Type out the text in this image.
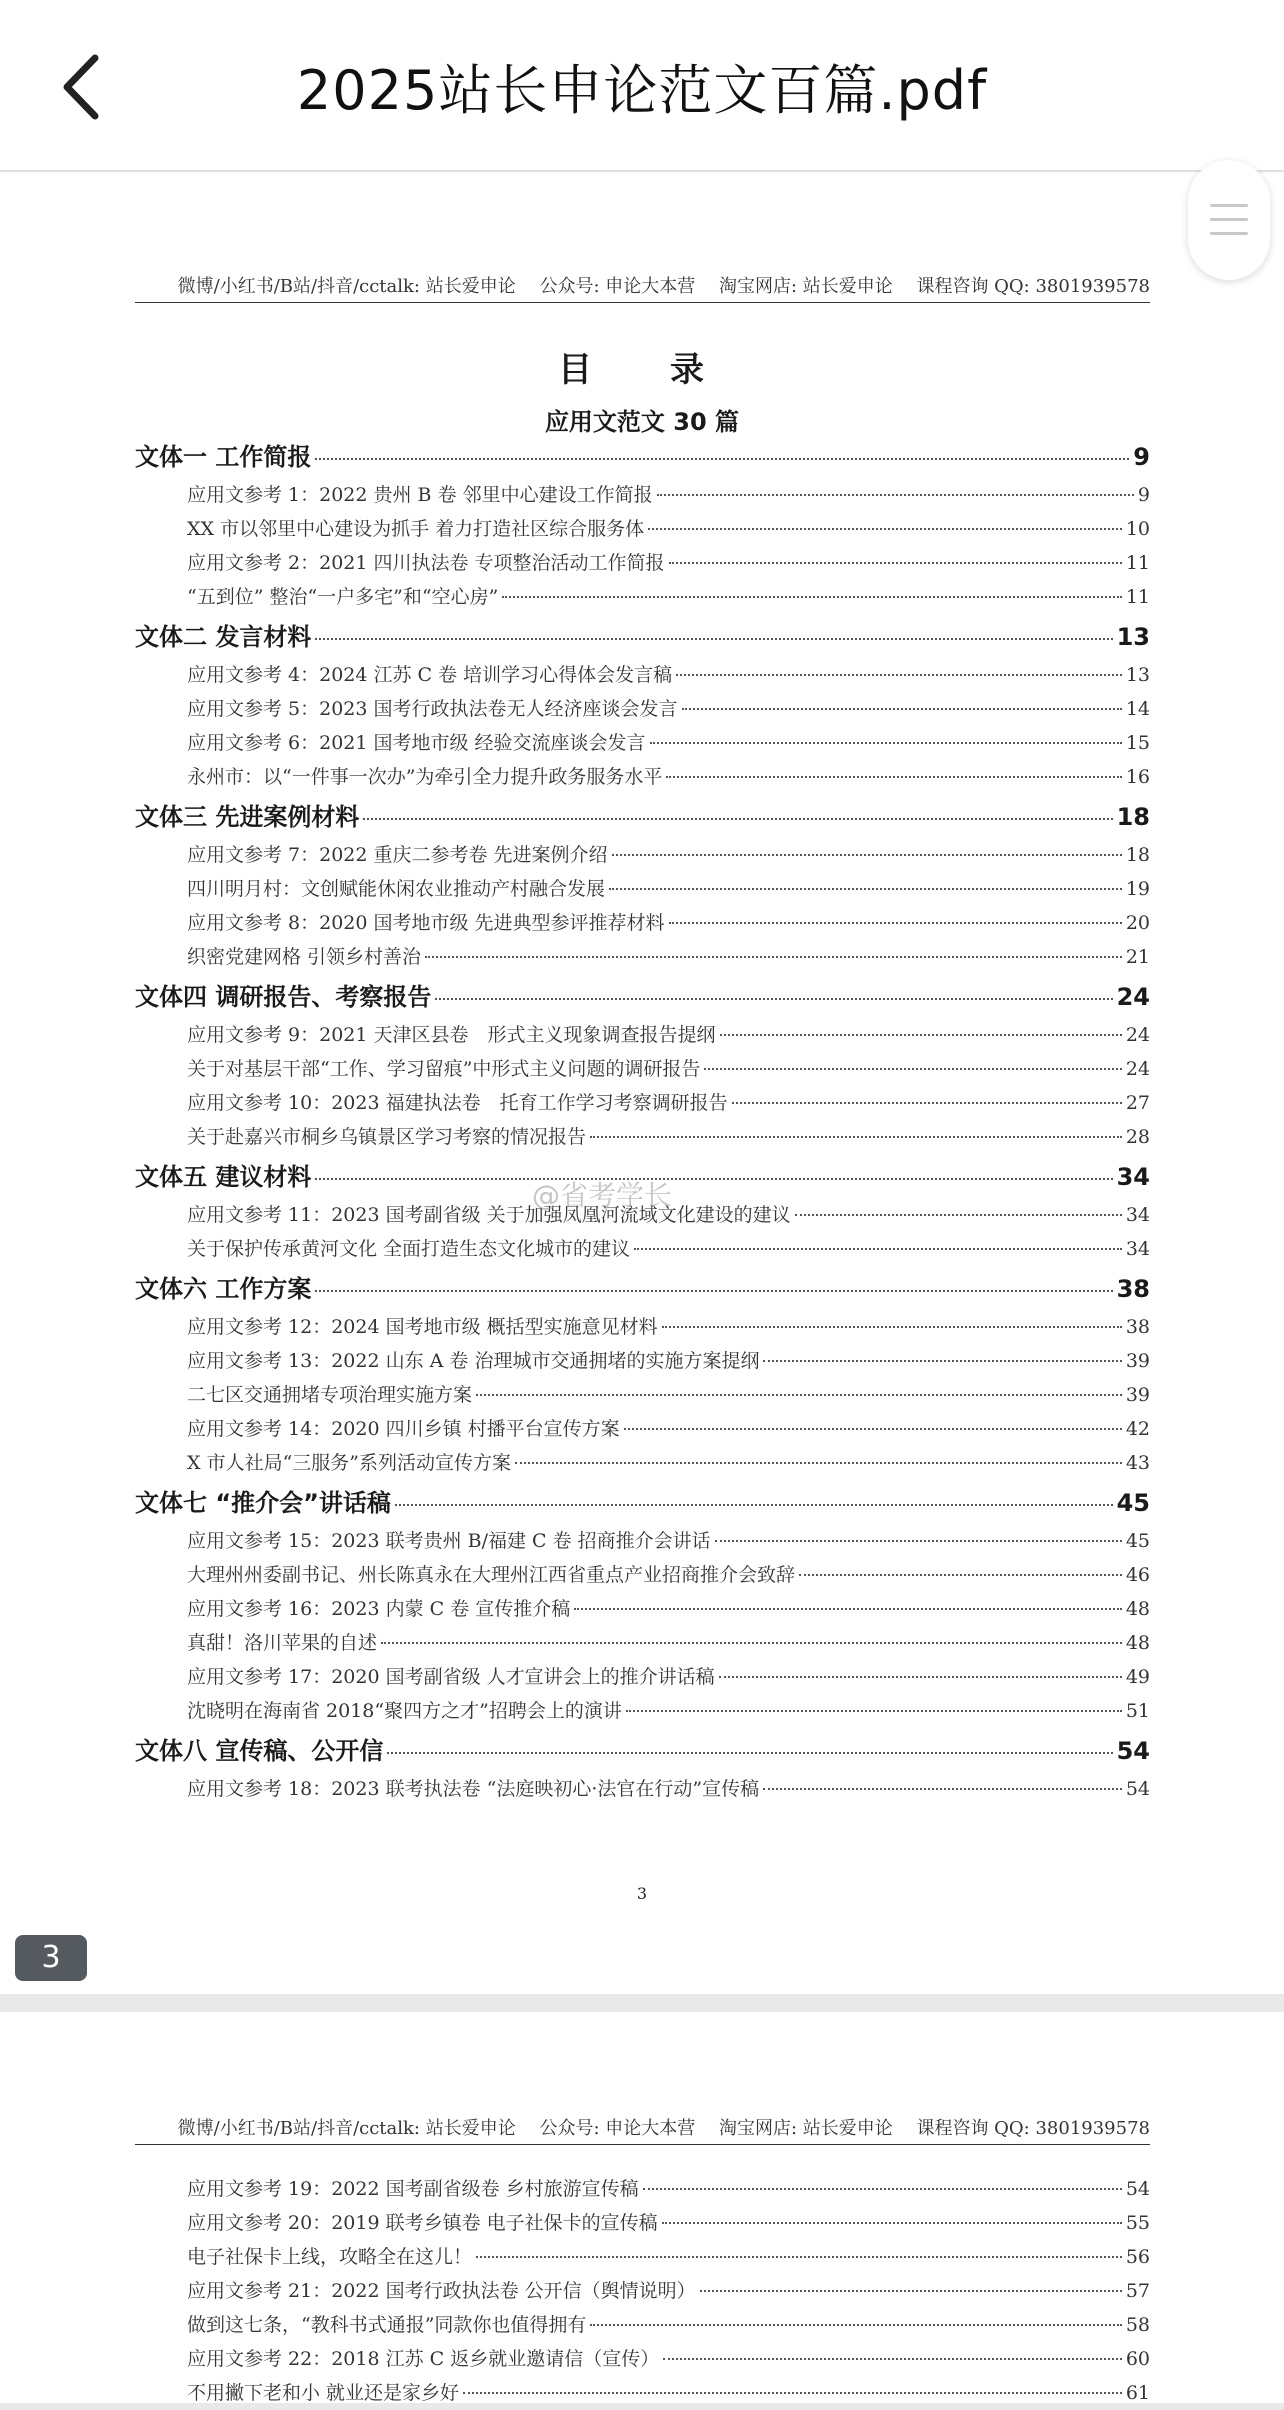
2025站长申论范文百篇.pdf
微博/小红书/B站/抖音/cctalk: 站长爱申论　 公众号: 申论大本营　 淘宝网店: 站长爱申论　 课程咨询 QQ: 3801939578
目　录
应用文范文 30 篇
文体一 工作简报	9
应用文参考 1：2022 贵州 B 卷 邻里中心建设工作简报	9
XX 市以邻里中心建设为抓手 着力打造社区综合服务体	10
应用文参考 2：2021 四川执法卷 专项整治活动工作简报	11
“五到位” 整治“一户多宅”和“空心房”	11
文体二 发言材料	13
应用文参考 4：2024 江苏 C 卷 培训学习心得体会发言稿	13
应用文参考 5：2023 国考行政执法卷无人经济座谈会发言	14
应用文参考 6：2021 国考地市级 经验交流座谈会发言	15
永州市：以“一件事一次办”为牵引全力提升政务服务水平	16
文体三 先进案例材料	18
应用文参考 7：2022 重庆二参考卷 先进案例介绍	18
四川明月村：文创赋能休闲农业推动产村融合发展	19
应用文参考 8：2020 国考地市级 先进典型参评推荐材料	20
织密党建网格 引领乡村善治	21
文体四 调研报告、考察报告	24
应用文参考 9：2021 天津区县卷　形式主义现象调查报告提纲	24
关于对基层干部“工作、学习留痕”中形式主义问题的调研报告	24
应用文参考 10：2023 福建执法卷　托育工作学习考察调研报告	27
关于赴嘉兴市桐乡乌镇景区学习考察的情况报告	28
文体五 建议材料	34
应用文参考 11：2023 国考副省级 关于加强凤凰河流域文化建设的建议	34
关于保护传承黄河文化 全面打造生态文化城市的建议	34
文体六 工作方案	38
应用文参考 12：2024 国考地市级 概括型实施意见材料	38
应用文参考 13：2022 山东 A 卷 治理城市交通拥堵的实施方案提纲	39
二七区交通拥堵专项治理实施方案	39
应用文参考 14：2020 四川乡镇 村播平台宣传方案	42
X 市人社局“三服务”系列活动宣传方案	43
文体七 “推介会”讲话稿	45
应用文参考 15：2023 联考贵州 B/福建 C 卷 招商推介会讲话	45
大理州州委副书记、州长陈真永在大理州江西省重点产业招商推介会致辞	46
应用文参考 16：2023 内蒙 C 卷 宣传推介稿	48
真甜！洛川苹果的自述	48
应用文参考 17：2020 国考副省级 人才宣讲会上的推介讲话稿	49
沈晓明在海南省 2018“聚四方之才”招聘会上的演讲	51
文体八 宣传稿、公开信	54
应用文参考 18：2023 联考执法卷 “法庭映初心·法官在行动”宣传稿	54
@省考学长
3
3
微博/小红书/B站/抖音/cctalk: 站长爱申论　 公众号: 申论大本营　 淘宝网店: 站长爱申论　 课程咨询 QQ: 3801939578
应用文参考 19：2022 国考副省级卷 乡村旅游宣传稿	54
应用文参考 20：2019 联考乡镇卷 电子社保卡的宣传稿	55
电子社保卡上线，攻略全在这儿！	56
应用文参考 21：2022 国考行政执法卷 公开信（舆情说明）	57
做到这七条，“教科书式通报”同款你也值得拥有	58
应用文参考 22：2018 江苏 C 返乡就业邀请信（宣传）	60
不用撇下老和小 就业还是家乡好	61
